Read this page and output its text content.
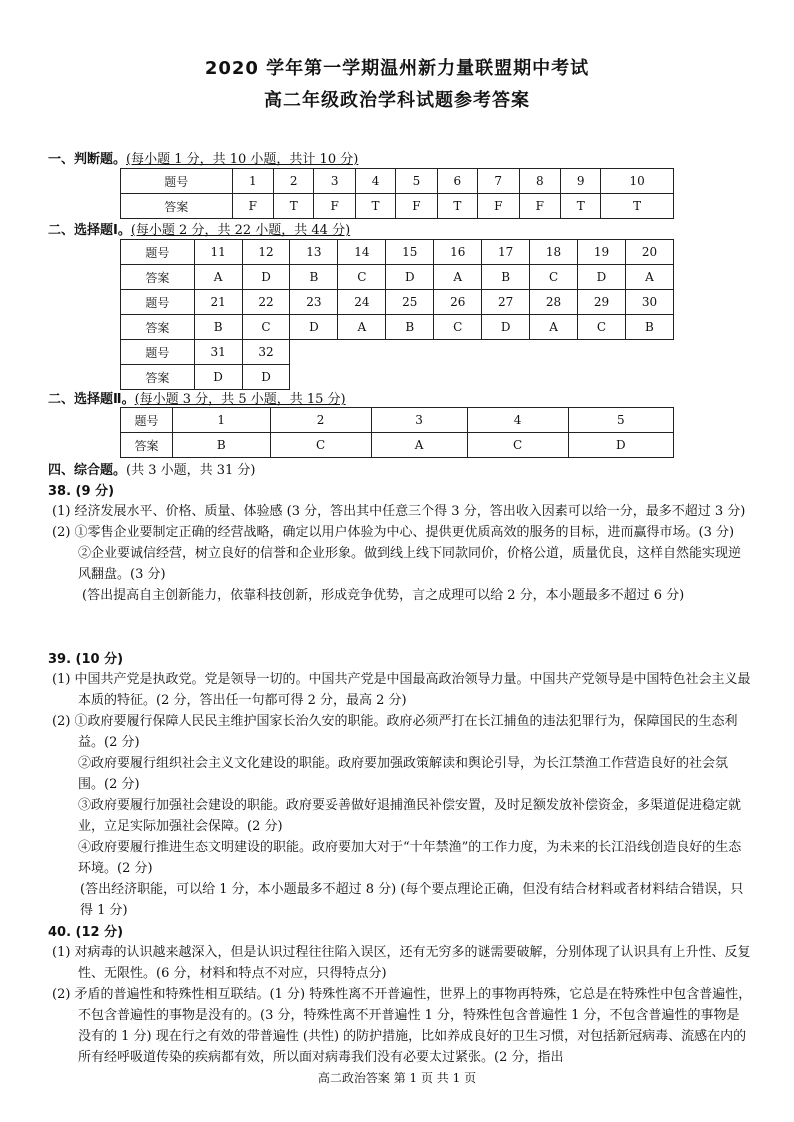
2020 学年第一学期温州新力量联盟期中考试
高二年级政治学科试题参考答案
一、判断题。(每小题 1 分，共 10 小题，共计 10 分)
题号	1	2	3	4	5	6	7	8	9	10
答案	F	T	F	T	F	T	F	F	T	T
二、选择题Ⅰ。(每小题 2 分，共 22 小题，共 44 分)
题号	11	12	13	14	15	16	17	18	19	20
答案	A	D	B	C	D	A	B	C	D	A
题号	21	22	23	24	25	26	27	28	29	30
答案	B	C	D	A	B	C	D	A	C	B
题号	31	32								
答案	D	D								
二、选择题Ⅱ。(每小题 3 分，共 5 小题，共 15 分)
题号	1	2	3	4	5
答案	B	C	A	C	D
四、综合题。(共 3 小题，共 31 分)
38. (9 分)
(1) 经济发展水平、价格、质量、体验感 (3 分，答出其中任意三个得 3 分，答出收入因素可以给一分，最多不超过 3 分)
(2) ①零售企业要制定正确的经营战略，确定以用户体验为中心、提供更优质高效的服务的目标，进而赢得市场。(3 分)
②企业要诚信经营，树立良好的信誉和企业形象。做到线上线下同款同价，价格公道，质量优良，这样自然能实现逆风翻盘。(3 分)
(答出提高自主创新能力，依靠科技创新，形成竞争优势，言之成理可以给 2 分，本小题最多不超过 6 分)
39. (10 分)
(1) 中国共产党是执政党。党是领导一切的。中国共产党是中国最高政治领导力量。中国共产党领导是中国特色社会主义最本质的特征。(2 分，答出任一句都可得 2 分，最高 2 分)
(2) ①政府要履行保障人民民主维护国家长治久安的职能。政府必须严打在长江捕鱼的违法犯罪行为，保障国民的生态利益。(2 分)
②政府要履行组织社会主义文化建设的职能。政府要加强政策解读和舆论引导，为长江禁渔工作营造良好的社会氛围。(2 分)
③政府要履行加强社会建设的职能。政府要妥善做好退捕渔民补偿安置，及时足额发放补偿资金，多渠道促进稳定就业，立足实际加强社会保障。(2 分)
④政府要履行推进生态文明建设的职能。政府要加大对于“十年禁渔”的工作力度，为未来的长江沿线创造良好的生态环境。(2 分)
(答出经济职能，可以给 1 分，本小题最多不超过 8 分) (每个要点理论正确，但没有结合材料或者材料结合错误，只得 1 分)
40. (12 分)
(1) 对病毒的认识越来越深入，但是认识过程往往陷入误区，还有无穷多的谜需要破解，分别体现了认识具有上升性、反复性、无限性。(6 分，材料和特点不对应，只得特点分)
(2) 矛盾的普遍性和特殊性相互联结。(1 分) 特殊性离不开普遍性，世界上的事物再特殊，它总是在特殊性中包含普遍性，不包含普遍性的事物是没有的。(3 分，特殊性离不开普遍性 1 分，特殊性包含普遍性 1 分，不包含普遍性的事物是没有的 1 分) 现在行之有效的带普遍性 (共性) 的防护措施，比如养成良好的卫生习惯，对包括新冠病毒、流感在内的所有经呼吸道传染的疾病都有效，所以面对病毒我们没有必要太过紧张。(2 分，指出
高二政治答案 第 1 页 共 1 页
